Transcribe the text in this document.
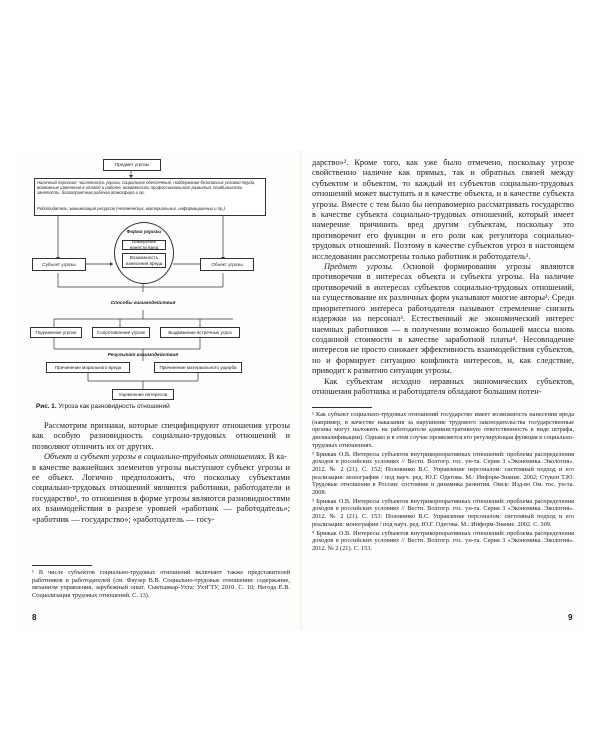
Предмет угрозы
Наличный персонал: численность угрозы, социальное обеспечение, поддержание безопасных условий труда, возможные изменения в оплате и работе, возможность профессионального развития, стабильность занятости, благоприятная рабочая атмосфера и пр.
Работодатель: минимизация ресурсов (человеческих, материальных, информационных и пр.)
Форма угрозы
Намерение нанести вред
Возможность нанесения вреда
Субъект угрозы	Объект угрозы
Способы взаимодействия
Подчинение угрозе	Сопротивление угрозе	Выдвижение встречных угроз
Результат взаимодействия
Причинение морального вреда	Причинение материального ущерба
Ущемление интересов
Рис. 1. Угроза как разновидность отношений

Рассмотрим признаки, которые специфицируют отношения угрозы как особую разновидность социально-трудовых отношений и позволяют отличить их от других.

Объект и субъект угрозы в социально-трудовых отношениях. В ка-

в качестве важнейших элементов угрозы выступают субъект угрозы и ее объект. Логично предположить, что поскольку субъектами социально-трудовых отношений являются работники, работодатели и государство¹, то отношения в форме угрозы являются разновидностями их взаимодействия в разрезе уровней «работник — работодатель»; «работник — государство»; «работодатель — госу-

¹ В числе субъектов социально-трудовых отношений включают также представителей работников и работодателей (см. Фаузер В.В. Социально-трудовые отношения: содержание, механизм управления, зарубежный опыт. Сыктывкар-Ухта: УхтГТУ, 2010. С. 10; Негода Е.В. Социализация трудовых отношений. С. 13).
8

дарство»². Кроме того, как уже было отмечено, поскольку угрозе свойственно наличие как прямых, так и обратных связей между субъектом и объектом, то каждый из субъектов социально-трудовых отношений может выступать и в качестве объекта, и в качестве субъекта угрозы. Вместе с тем было бы неправомерно рассматривать государство в качестве субъекта социально-трудовых отношений, который имеет намерение причинить вред другим субъектам, поскольку это противоречит его функции и его роли как регулятора социально-трудовых отношений. Поэтому в качестве субъектов угроз в настоящем исследовании рассмотрены только работник и работодатель¹.

Предмет угрозы. Основой формирования угрозы являются противоречия в интересах объекта и субъекта угрозы. На наличие противоречий в интересах субъектов социально-трудовых отношений, на существование их различных форм указывают многие авторы². Среди приоритетного интереса работодателя называют стремление снизить издержки на персонал³. Естественный же экономический интерес наемных работников — в получении возможно большей массы вновь созданной стоимости в качестве заработной платы⁴. Несовпадение интересов не просто снижает эффективность взаимодействия субъектов, но и формирует ситуацию конфликта интересов, и, как следствие, приводит к развитию ситуации угрозы.

Как субъектам исходно неравных экономических субъектов, отношения работника и работодателя обладают большим потен-

¹ Как субъект социально-трудовых отношений государство имеет возможность нанесения вреда (например, в качестве наказания за нарушение трудового законодательства государственные органы могут наложить на работодателя административную ответственность в виде штрафа, дисквалификации). Однако и в этом случае проявляется его регулирующая функция в социально-трудовых отношениях.

² Брижак О.В. Интересы субъектов внутрикорпоративных отношений: проблема распределения доходов в российских условиях // Вестн. Волгогр. гос. ун-та. Серия 3 «Экономика. Экология». 2012. № 2 (21). С. 152; Половинко В.С. Управление персоналом: системный подход и его реализация: монография / под науч. ред. Ю.Г. Одегова. М.: Информ-Знание. 2002; Стукен Т.Ю. Трудовые отношения в России: состояние и динамика развития. Омск: Изд-во Ом. гос. ун-та. 2008.

³ Брижак О.В. Интересы субъектов внутрикорпоративных отношений: проблема распределения доходов в российских условиях // Вестн. Волгогр. гос. ун-та. Серия 3 «Экономика. Экология». 2012. № 2 (21). С. 153: Половинко В.С. Управление персоналом: системный подход и его реализация: монография / под науч. ред. Ю.Г. Одегова. М.: Информ-Знание. 2002. С. 309.

⁴ Брижак О.В. Интересы субъектов внутрикорпоративных отношений: проблема распределения доходов в российских условиях // Вестн. Волгогр. гос. ун-та. Серия 3 «Экономика. Экология». 2012. № 2 (21). С. 153.

9
